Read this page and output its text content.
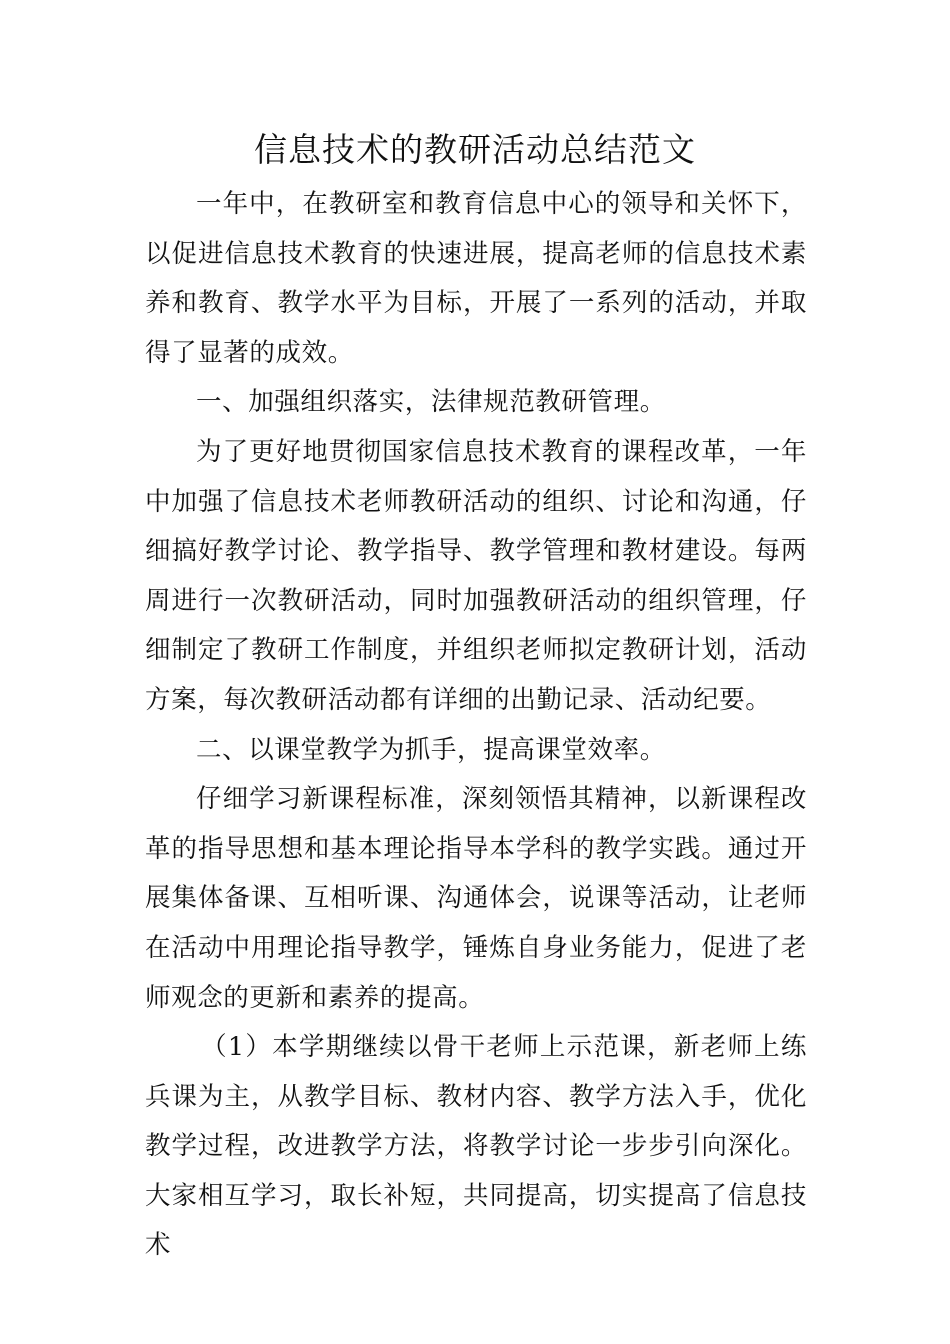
信息技术的教研活动总结范文

一年中，在教研室和教育信息中心的领导和关怀下，以促进信息技术教育的快速进展，提高老师的信息技术素养和教育、教学水平为目标，开展了一系列的活动，并取得了显著的成效。

一、加强组织落实，法律规范教研管理。

为了更好地贯彻国家信息技术教育的课程改革，一年中加强了信息技术老师教研活动的组织、讨论和沟通，仔细搞好教学讨论、教学指导、教学管理和教材建设。每两周进行一次教研活动，同时加强教研活动的组织管理，仔细制定了教研工作制度，并组织老师拟定教研计划，活动方案，每次教研活动都有详细的出勤记录、活动纪要。

二、以课堂教学为抓手，提高课堂效率。

仔细学习新课程标准，深刻领悟其精神，以新课程改革的指导思想和基本理论指导本学科的教学实践。通过开展集体备课、互相听课、沟通体会，说课等活动，让老师在活动中用理论指导教学，锤炼自身业务能力，促进了老师观念的更新和素养的提高。

（1）本学期继续以骨干老师上示范课，新老师上练兵课为主，从教学目标、教材内容、教学方法入手，优化教学过程，改进教学方法，将教学讨论一步步引向深化。大家相互学习，取长补短，共同提高，切实提高了信息技术
